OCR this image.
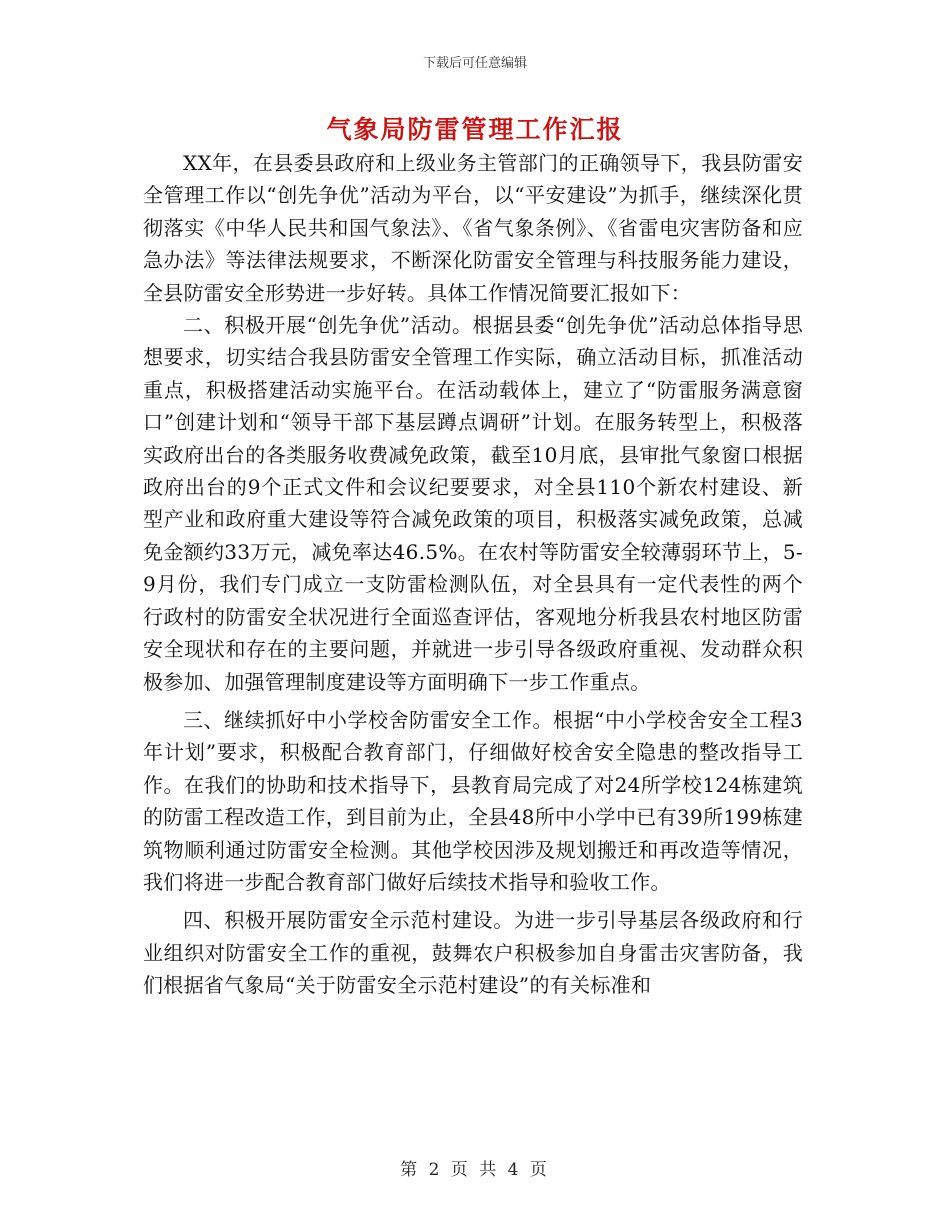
下载后可任意编辑
气象局防雷管理工作汇报

XX年，在县委县政府和上级业务主管部门的正确领导下，我县防雷安全管理工作以“创先争优”活动为平台，以“平安建设”为抓手，继续深化贯彻落实《中华人民共和国气象法》、《省气象条例》、《省雷电灾害防备和应急办法》等法律法规要求，不断深化防雷安全管理与科技服务能力建设，全县防雷安全形势进一步好转。具体工作情况简要汇报如下：

二、积极开展“创先争优”活动。根据县委“创先争优”活动总体指导思想要求，切实结合我县防雷安全管理工作实际，确立活动目标，抓准活动重点，积极搭建活动实施平台。在活动载体上，建立了“防雷服务满意窗口”创建计划和“领导干部下基层蹲点调研”计划。在服务转型上，积极落实政府出台的各类服务收费减免政策，截至10月底，县审批气象窗口根据政府出台的9个正式文件和会议纪要要求，对全县110个新农村建设、新型产业和政府重大建设等符合减免政策的项目，积极落实减免政策，总减免金额约33万元，减免率达46.5%。在农村等防雷安全较薄弱环节上，5-9月份，我们专门成立一支防雷检测队伍，对全县具有一定代表性的两个行政村的防雷安全状况进行全面巡查评估，客观地分析我县农村地区防雷安全现状和存在的主要问题，并就进一步引导各级政府重视、发动群众积极参加、加强管理制度建设等方面明确下一步工作重点。

三、继续抓好中小学校舍防雷安全工作。根据“中小学校舍安全工程3年计划”要求，积极配合教育部门，仔细做好校舍安全隐患的整改指导工作。在我们的协助和技术指导下，县教育局完成了对24所学校124栋建筑的防雷工程改造工作，到目前为止，全县48所中小学中已有39所199栋建筑物顺利通过防雷安全检测。其他学校因涉及规划搬迁和再改造等情况，我们将进一步配合教育部门做好后续技术指导和验收工作。

四、积极开展防雷安全示范村建设。为进一步引导基层各级政府和行业组织对防雷安全工作的重视，鼓舞农户积极参加自身雷击灾害防备，我们根据省气象局“关于防雷安全示范村建设”的有关标准和

第 2 页 共 4 页
